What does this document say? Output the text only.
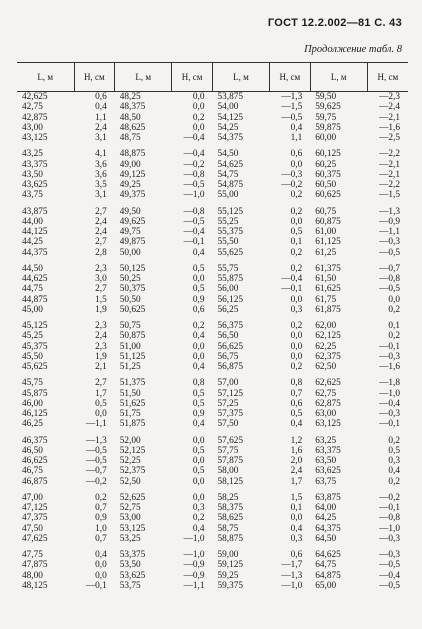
ГОСТ 12.2.002—81 С. 43
Продолжение табл. 8
L, м	H, см	L, м	H, см	L, м	H, см	L, м	H, см
42,625	0,6	48,25	0,0	53,875	—1,3	59,50	—2,3
42,75	0,4	48,375	0,0	54,00	—1,5	59,625	—2,4
42,875	1,1	48,50	0,2	54,125	—0,5	59,75	—2,1
43,00	2,4	48,625	0,0	54,25	0,4	59,875	—1,6
43,125	3,1	48,75	—0,4	54,375	1,1	60,00	—2,5
43,25	4,1	48,875	—0,4	54,50	0,6	60,125	—2,2
43,375	3,6	49,00	—0,2	54,625	0,0	60,25	—2,1
43,50	3,6	49,125	—0,8	54,75	—0,3	60,375	—2,1
43,625	3,5	49,25	—0,5	54,875	—0,2	60,50	—2,2
43,75	3,1	49,375	—1,0	55,00	0,2	60,625	—1,5
43,875	2,7	49,50	—0,8	55,125	0,2	60,75	—1,3
44,00	2,4	49,625	—0,5	55,25	0,0	60,875	—0,9
44,125	2,4	49,75	—0,4	55,375	0,5	61,00	—1,1
44,25	2,7	49,875	—0,1	55,50	0,1	61,125	—0,3
44,375	2,8	50,00	0,4	55,625	0,2	61,25	—0,5
44,50	2,3	50,125	0,5	55,75	0,2	61,375	—0,7
44,625	3,0	50,25	0,0	55,875	—0,4	61,50	—0,8
44,75	2,7	50,375	0,5	56,00	—0,1	61,625	—0,5
44,875	1,5	50,50	0,9	56,125	0,0	61,75	0,0
45,00	1,9	50,625	0,6	56,25	0,3	61,875	0,2
45,125	2,3	50,75	0,2	56,375	0,2	62,00	0,1
45,25	2,4	50,875	0,4	56,50	0,0	62,125	0,2
45,375	2,3	51,00	0,0	56,625	0,0	62,25	—0,1
45,50	1,9	51,125	0,0	56,75	0,0	62,375	—0,3
45,625	2,1	51,25	0,4	56,875	0,2	62,50	—1,6
45,75	2,7	51,375	0,8	57,00	0,8	62,625	—1,8
45,875	1,7	51,50	0,5	57,125	0,7	62,75	—1,0
46,00	0,5	51,625	0,5	57,25	0,6	62,875	—0,4
46,125	0,0	51,75	0,9	57,375	0,5	63,00	—0,3
46,25	—1,1	51,875	0,4	57,50	0,4	63,125	—0,1
46,375	—1,3	52,00	0,0	57,625	1,2	63,25	0,2
46,50	—0,5	52,125	0,5	57,75	1,6	63,375	0,5
46,625	—0,5	52,25	0,0	57,875	2,0	63,50	0,3
46,75	—0,7	52,375	0,5	58,00	2,4	63,625	0,4
46,875	—0,2	52,50	0,0	58,125	1,7	63,75	0,2
47,00	0,2	52,625	0,0	58,25	1,5	63,875	—0,2
47,125	0,7	52,75	0,3	58,375	0,1	64,00	—0,1
47,375	0,9	53,00	0,2	58,625	0,0	64,25	—0,8
47,50	1,0	53,125	0,4	58,75	0,4	64,375	—1,0
47,625	0,7	53,25	—1,0	58,875	0,3	64,50	—0,3
47,75	0,4	53,375	—1,0	59,00	0,6	64,625	—0,3
47,875	0,0	53,50	—0,9	59,125	—1,7	64,75	—0,5
48,00	0,0	53,625	—0,9	59,25	—1,3	64,875	—0,4
48,125	—0,1	53,75	—1,1	59,375	—1,0	65,00	—0,5
